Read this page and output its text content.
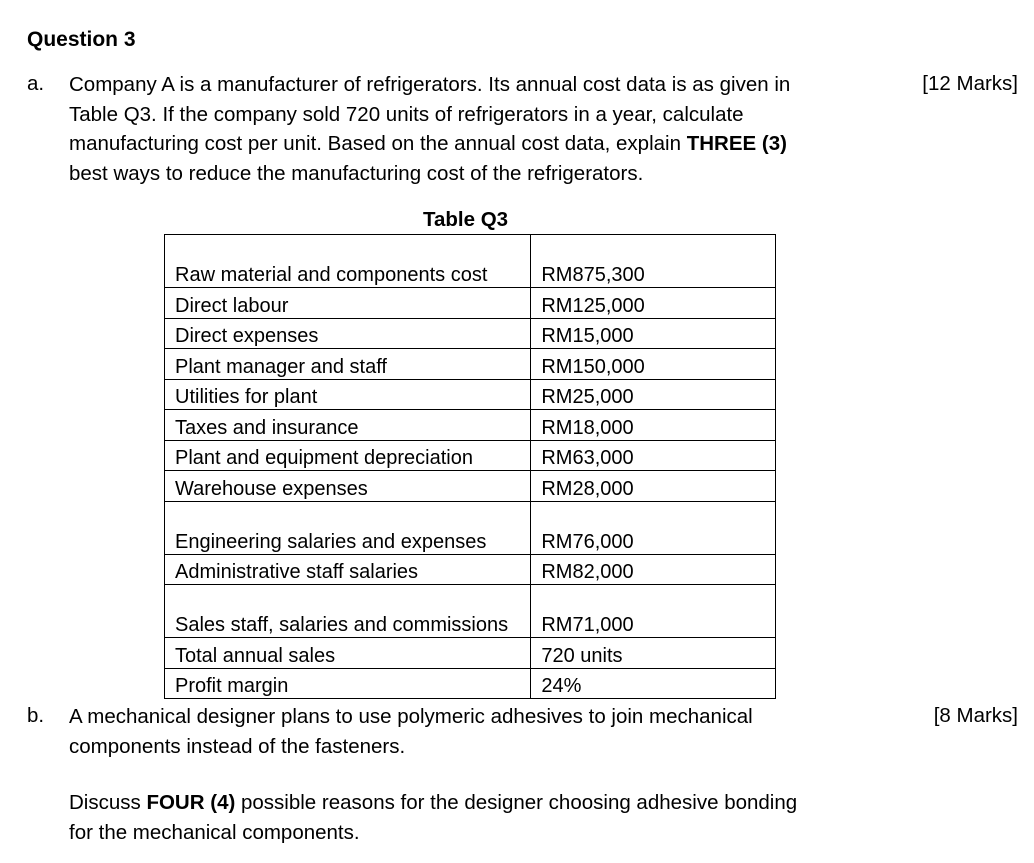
Question 3
a.	[12 Marks]
Company A is a manufacturer of refrigerators. Its annual cost data is as given in
Table Q3. If the company sold 720 units of refrigerators in a year, calculate
manufacturing cost per unit. Based on the annual cost data, explain THREE (3)
best ways to reduce the manufacturing cost of the refrigerators.
Table Q3
Raw material and components cost	RM875,300
Direct labour	RM125,000
Direct expenses	RM15,000
Plant manager and staff	RM150,000
Utilities for plant	RM25,000
Taxes and insurance	RM18,000
Plant and equipment depreciation	RM63,000
Warehouse expenses	RM28,000
Engineering salaries and expenses	RM76,000
Administrative staff salaries	RM82,000
Sales staff, salaries and commissions	RM71,000
Total annual sales	720 units
Profit margin	24%
b.	[8 Marks]
A mechanical designer plans to use polymeric adhesives to join mechanical
components instead of the fasteners.
Discuss FOUR (4) possible reasons for the designer choosing adhesive bonding
for the mechanical components.
